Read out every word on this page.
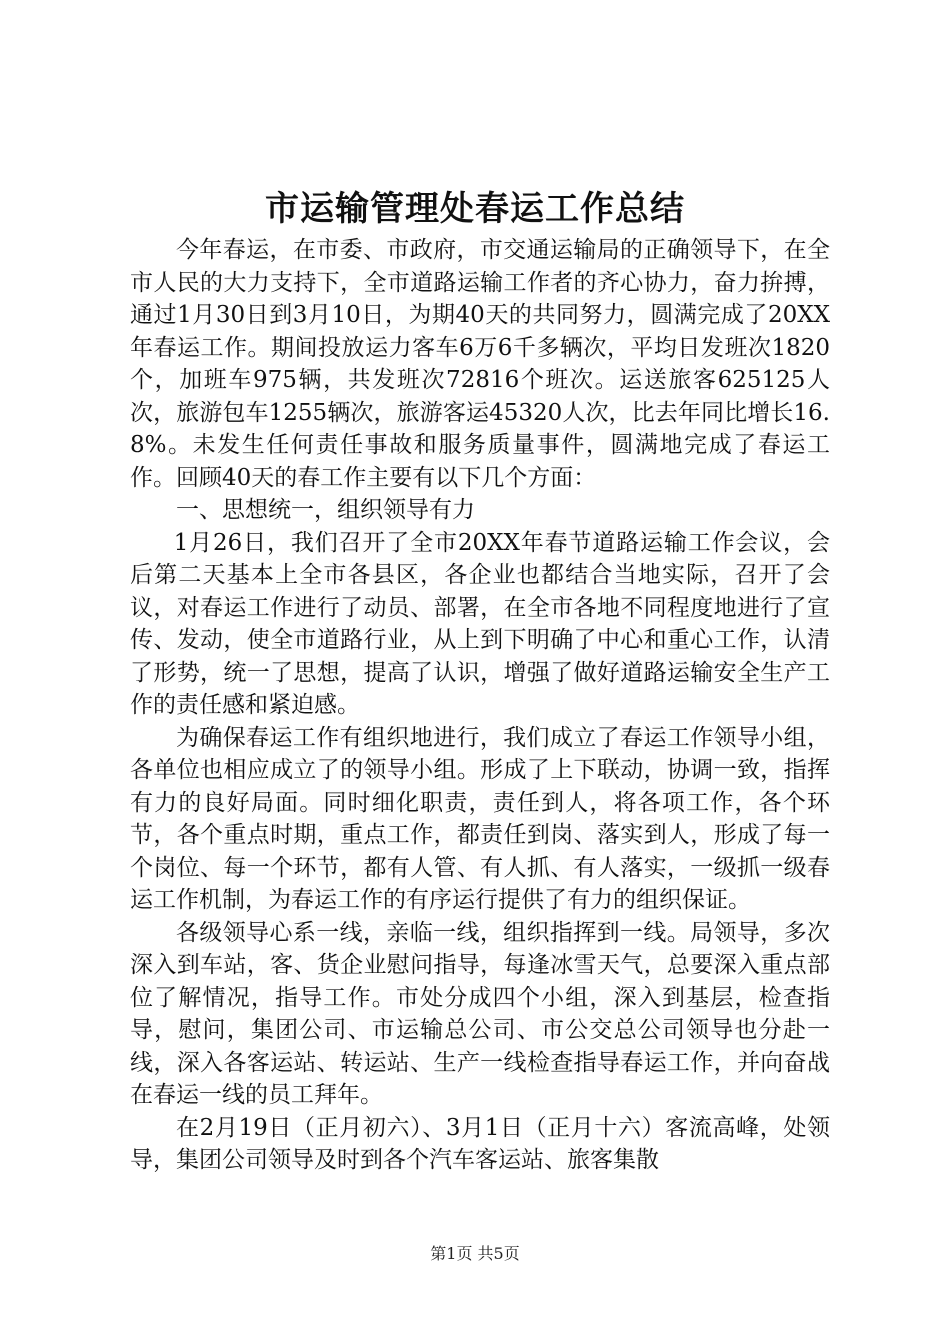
市运输管理处春运工作总结

今年春运，在市委、市政府，市交通运输局的正确领导下，在全市人民的大力支持下，全市道路运输工作者的齐心协力，奋力拚搏，通过1月30日到3月10日，为期40天的共同努力，圆满完成了20XX年春运工作。期间投放运力客车6万6千多辆次，平均日发班次1820个，加班车975辆，共发班次72816个班次。运送旅客625125人次，旅游包车1255辆次，旅游客运45320人次，比去年同比增长16.8%。未发生任何责任事故和服务质量事件，圆满地完成了春运工作。回顾40天的春工作主要有以下几个方面：

一、思想统一，组织领导有力

1月26日，我们召开了全市20XX年春节道路运输工作会议，会后第二天基本上全市各县区，各企业也都结合当地实际，召开了会议，对春运工作进行了动员、部署，在全市各地不同程度地进行了宣传、发动，使全市道路行业，从上到下明确了中心和重心工作，认清了形势，统一了思想，提高了认识，增强了做好道路运输安全生产工作的责任感和紧迫感。

为确保春运工作有组织地进行，我们成立了春运工作领导小组，各单位也相应成立了的领导小组。形成了上下联动，协调一致，指挥有力的良好局面。同时细化职责，责任到人，将各项工作，各个环节，各个重点时期，重点工作，都责任到岗、落实到人，形成了每一个岗位、每一个环节，都有人管、有人抓、有人落实，一级抓一级春运工作机制，为春运工作的有序运行提供了有力的组织保证。

各级领导心系一线，亲临一线，组织指挥到一线。局领导，多次深入到车站，客、货企业慰问指导，每逢冰雪天气，总要深入重点部位了解情况，指导工作。市处分成四个小组，深入到基层，检查指导，慰问，集团公司、市运输总公司、市公交总公司领导也分赴一线，深入各客运站、转运站、生产一线检查指导春运工作，并向奋战在春运一线的员工拜年。

在2月19日（正月初六）、3月1日（正月十六）客流高峰，处领导，集团公司领导及时到各个汽车客运站、旅客集散

第1页 共5页
